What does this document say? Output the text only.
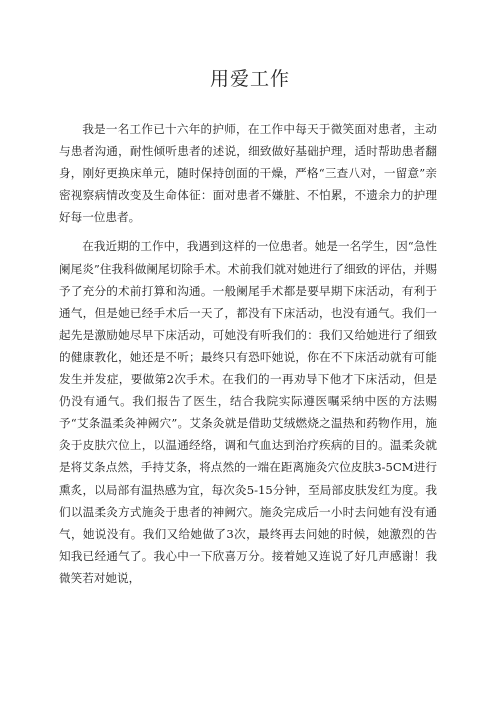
用爱工作

我是一名工作已十六年的护师，在工作中每天于微笑面对患者，主动与患者沟通，耐性倾听患者的述说，细致做好基础护理，适时帮助患者翻身，刚好更换床单元，随时保持创面的干燥，严格“三查八对，一留意”亲密视察病情改变及生命体征：面对患者不嫌脏、不怕累，不遗余力的护理好每一位患者。

在我近期的工作中，我遇到这样的一位患者。她是一名学生，因“急性阑尾炎”住我科做阑尾切除手术。术前我们就对她进行了细致的评估，并赐予了充分的术前打算和沟通。一般阑尾手术都是要早期下床活动，有利于通气，但是她已经手术后一天了，都没有下床活动，也没有通气。我们一起先是激励她尽早下床活动，可她没有听我们的：我们又给她进行了细致的健康教化，她还是不听；最终只有恐吓她说，你在不下床活动就有可能发生并发症，要做第2次手术。在我们的一再劝导下他才下床活动，但是仍没有通气。我们报告了医生，结合我院实际遵医嘱采纳中医的方法赐予“艾条温柔灸神阙穴”。艾条灸就是借助艾绒燃烧之温热和药物作用，施灸于皮肤穴位上，以温通经络，调和气血达到治疗疾病的目的。温柔灸就是将艾条点然，手持艾条，将点然的一端在距离施灸穴位皮肤3-5CM进行熏炙，以局部有温热感为宜，每次灸5-15分钟，至局部皮肤发红为度。我们以温柔灸方式施灸于患者的神阙穴。施灸完成后一小时去问她有没有通气，她说没有。我们又给她做了3次，最终再去问她的时候，她激烈的告知我已经通气了。我心中一下欣喜万分。接着她又连说了好几声感谢！我微笑若对她说，
